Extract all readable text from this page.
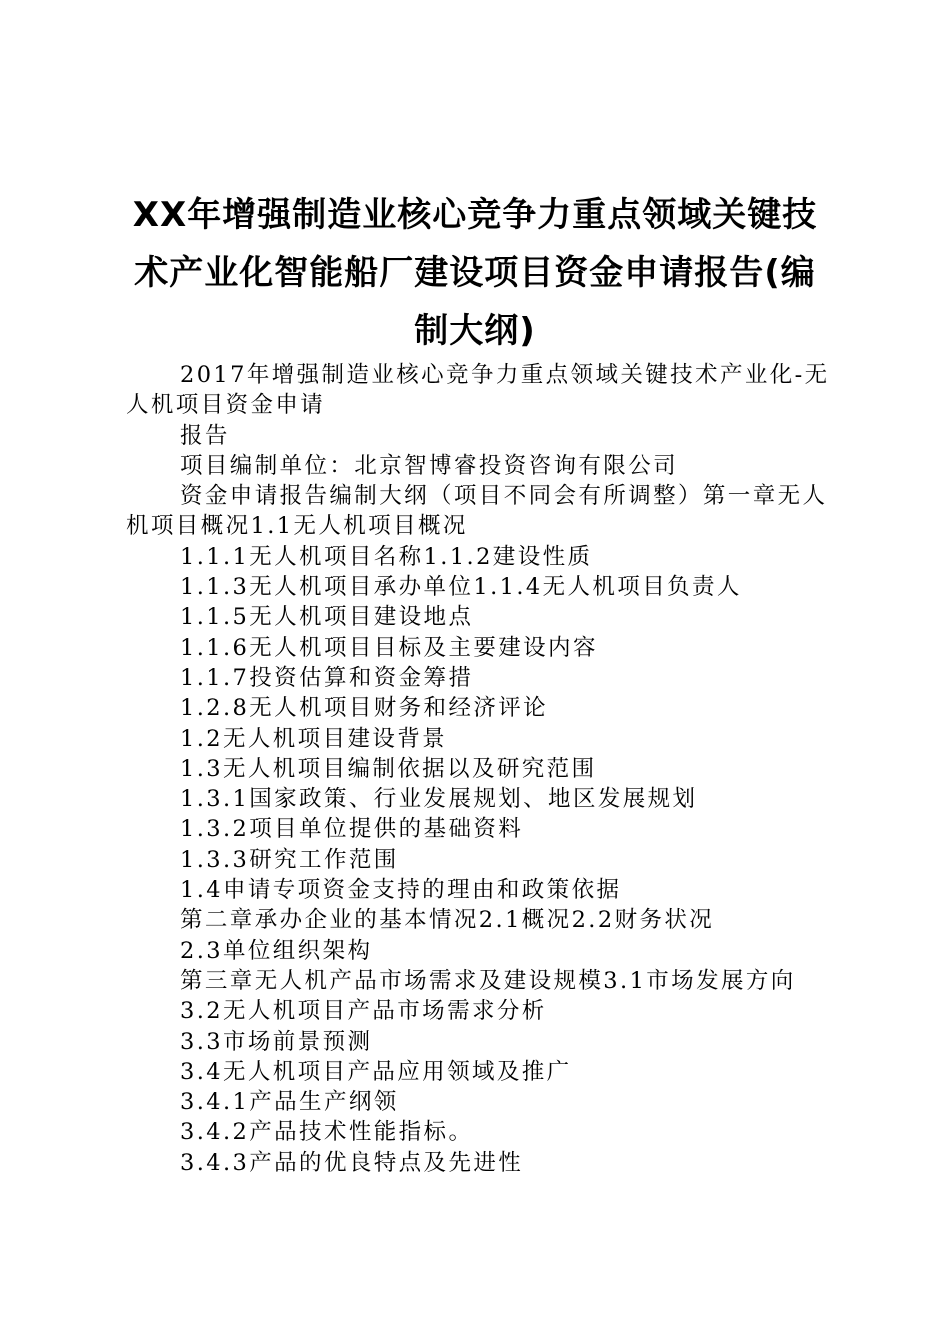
XX年增强制造业核心竞争力重点领域关键技术产业化智能船厂建设项目资金申请报告(编制大纲)

2017年增强制造业核心竞争力重点领域关键技术产业化-无人机项目资金申请

报告

项目编制单位：北京智博睿投资咨询有限公司

资金申请报告编制大纲（项目不同会有所调整）第一章无人机项目概况1.1无人机项目概况

1.1.1无人机项目名称1.1.2建设性质

1.1.3无人机项目承办单位1.1.4无人机项目负责人

1.1.5无人机项目建设地点

1.1.6无人机项目目标及主要建设内容

1.1.7投资估算和资金筹措

1.2.8无人机项目财务和经济评论

1.2无人机项目建设背景

1.3无人机项目编制依据以及研究范围

1.3.1国家政策、行业发展规划、地区发展规划

1.3.2项目单位提供的基础资料

1.3.3研究工作范围

1.4申请专项资金支持的理由和政策依据

第二章承办企业的基本情况2.1概况2.2财务状况

2.3单位组织架构

第三章无人机产品市场需求及建设规模3.1市场发展方向

3.2无人机项目产品市场需求分析

3.3市场前景预测

3.4无人机项目产品应用领域及推广

3.4.1产品生产纲领

3.4.2产品技术性能指标。

3.4.3产品的优良特点及先进性
